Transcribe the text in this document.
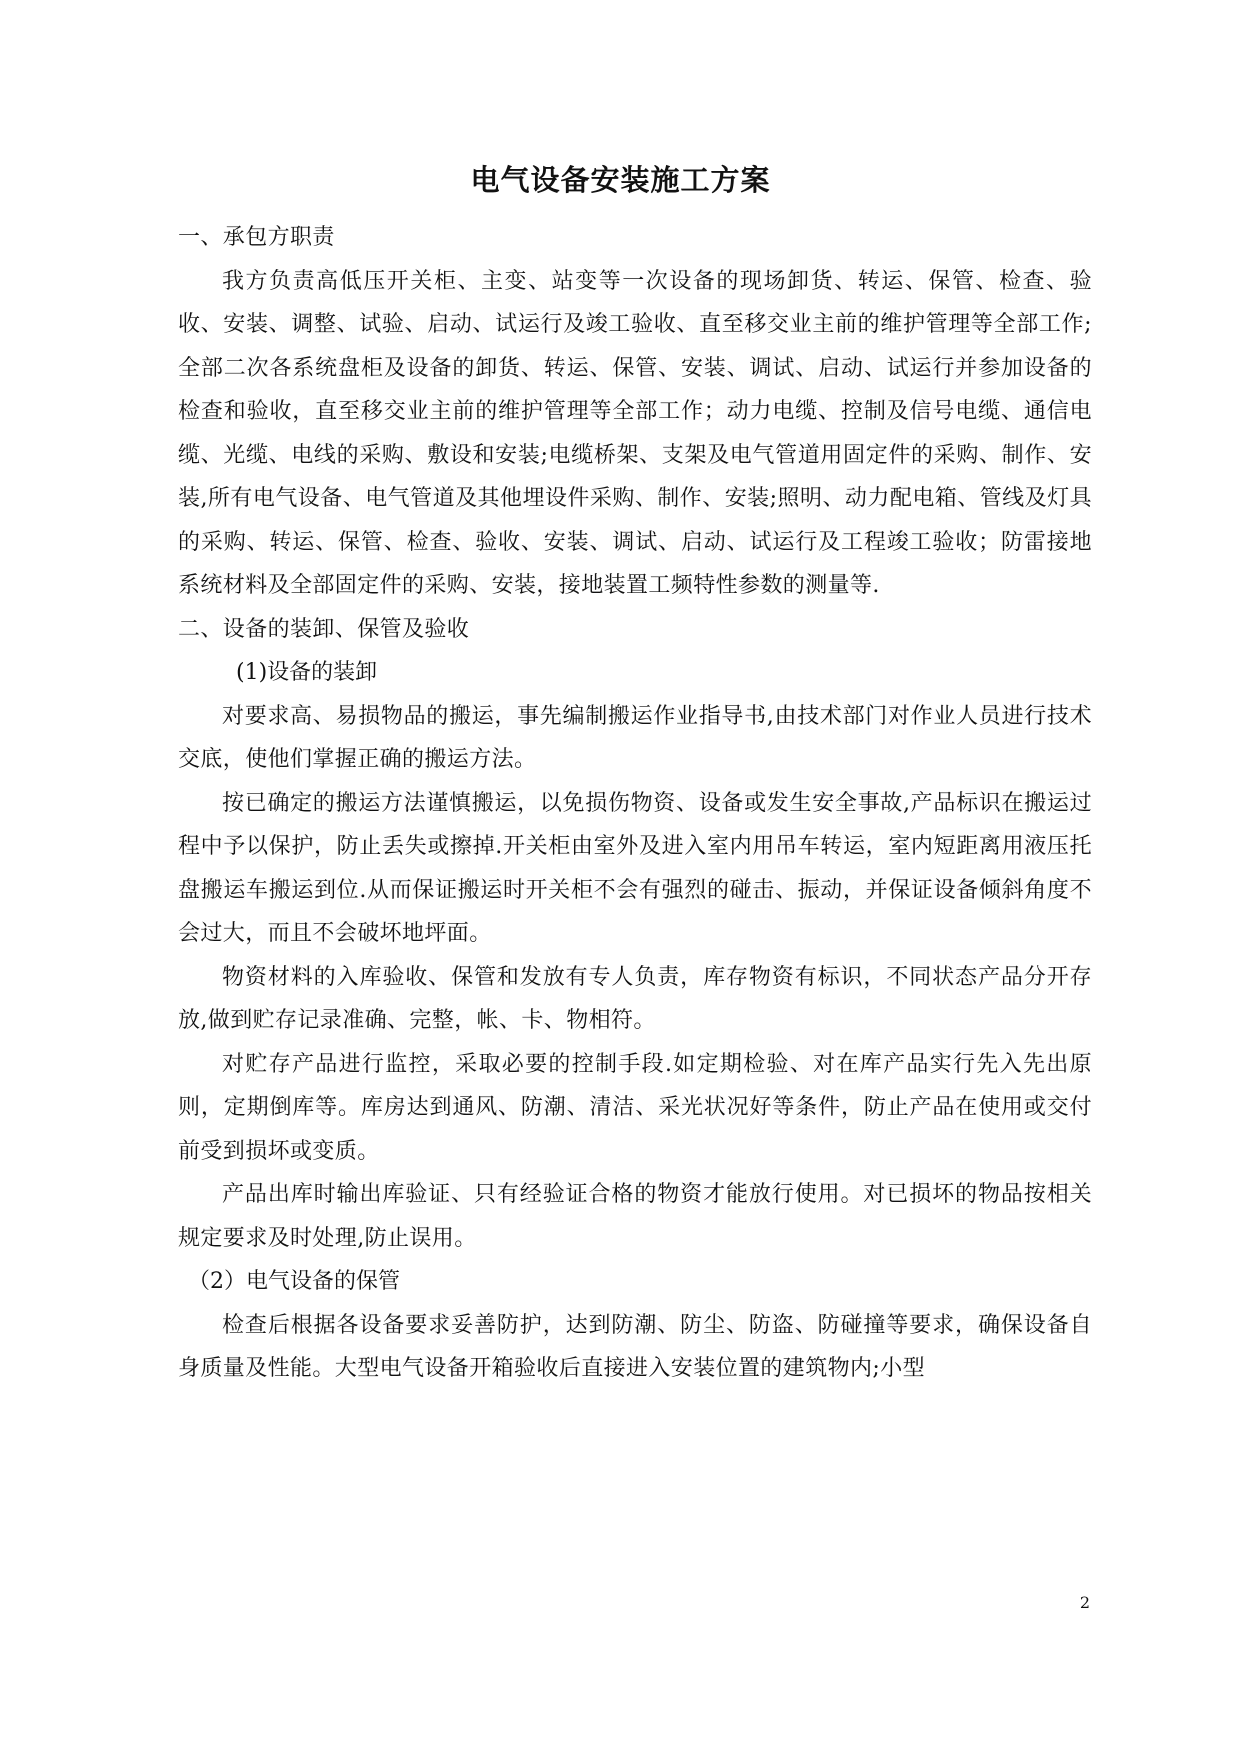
电气设备安装施工方案

一、承包方职责

我方负责高低压开关柜、主变、站变等一次设备的现场卸货、转运、保管、检查、验收、安装、调整、试验、启动、试运行及竣工验收、直至移交业主前的维护管理等全部工作;全部二次各系统盘柜及设备的卸货、转运、保管、安装、调试、启动、试运行并参加设备的检查和验收，直至移交业主前的维护管理等全部工作；动力电缆、控制及信号电缆、通信电缆、光缆、电线的采购、敷设和安装;电缆桥架、支架及电气管道用固定件的采购、制作、安装,所有电气设备、电气管道及其他埋设件采购、制作、安装;照明、动力配电箱、管线及灯具的采购、转运、保管、检查、验收、安装、调试、启动、试运行及工程竣工验收；防雷接地系统材料及全部固定件的采购、安装，接地装置工频特性参数的测量等.

二、设备的装卸、保管及验收

(1)设备的装卸

对要求高、易损物品的搬运，事先编制搬运作业指导书,由技术部门对作业人员进行技术交底，使他们掌握正确的搬运方法。

按已确定的搬运方法谨慎搬运，以免损伤物资、设备或发生安全事故,产品标识在搬运过程中予以保护，防止丢失或擦掉.开关柜由室外及进入室内用吊车转运，室内短距离用液压托盘搬运车搬运到位.从而保证搬运时开关柜不会有强烈的碰击、振动，并保证设备倾斜角度不会过大，而且不会破坏地坪面。

物资材料的入库验收、保管和发放有专人负责，库存物资有标识，不同状态产品分开存放,做到贮存记录准确、完整，帐、卡、物相符。

对贮存产品进行监控，采取必要的控制手段.如定期检验、对在库产品实行先入先出原则，定期倒库等。库房达到通风、防潮、清洁、采光状况好等条件，防止产品在使用或交付前受到损坏或变质。

产品出库时输出库验证、只有经验证合格的物资才能放行使用。对已损坏的物品按相关规定要求及时处理,防止误用。

（2）电气设备的保管

检查后根据各设备要求妥善防护，达到防潮、防尘、防盗、防碰撞等要求，确保设备自身质量及性能。大型电气设备开箱验收后直接进入安装位置的建筑物内;小型

2
